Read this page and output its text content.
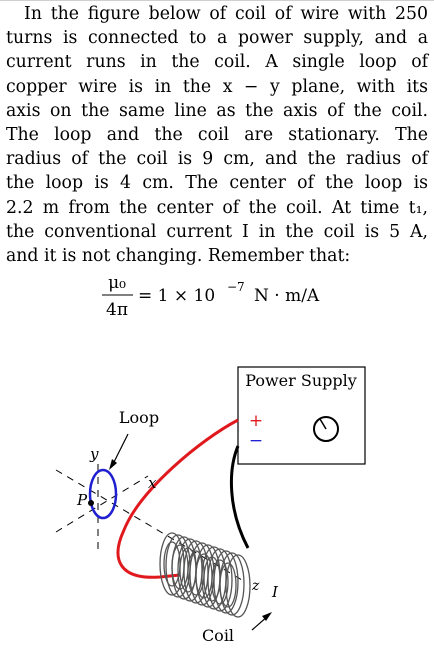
In the figure below of coil of wire with 250
turns is connected to a power supply, and a
current runs in the coil. A single loop of
copper wire is in the x − y plane, with its
axis on the same line as the axis of the coil.
The loop and the coil are stationary. The
radius of the coil is 9 cm, and the radius of
the loop is 4 cm. The center of the loop is
2.2 m from the center of the coil. At time t₁,
the conventional current I in the coil is 5 A,
and it is not changing. Remember that:
μ₀
4π
= 1 × 10 −7 N · m/A
Power Supply
+
−
Loop
y
x
P
z I
Coil
